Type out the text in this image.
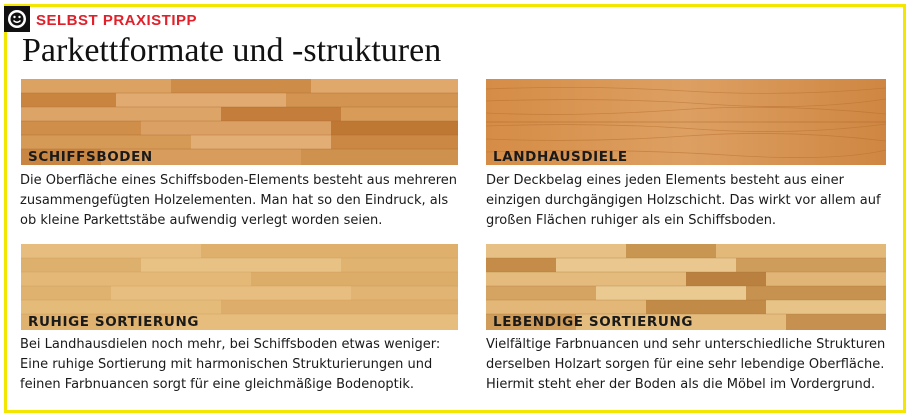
SELBST PRAXISTIPP
Parkettformate und -strukturen
SCHIFFSBODEN
Die Oberfläche eines Schiffsboden-Elements besteht aus mehreren
zusammengefügten Holzelementen. Man hat so den Eindruck, als
ob kleine Parkettstäbe aufwendig verlegt worden seien.
LANDHAUSDIELE
Der Deckbelag eines jeden Elements besteht aus einer
einzigen durchgängigen Holzschicht. Das wirkt vor allem auf
großen Flächen ruhiger als ein Schiffsboden.
RUHIGE SORTIERUNG
Bei Landhausdielen noch mehr, bei Schiffsboden etwas weniger:
Eine ruhige Sortierung mit harmonischen Strukturierungen und
feinen Farbnuancen sorgt für eine gleichmäßige Bodenoptik.
LEBENDIGE SORTIERUNG
Vielfältige Farbnuancen und sehr unterschiedliche Strukturen
derselben Holzart sorgen für eine sehr lebendige Oberfläche.
Hiermit steht eher der Boden als die Möbel im Vordergrund.
